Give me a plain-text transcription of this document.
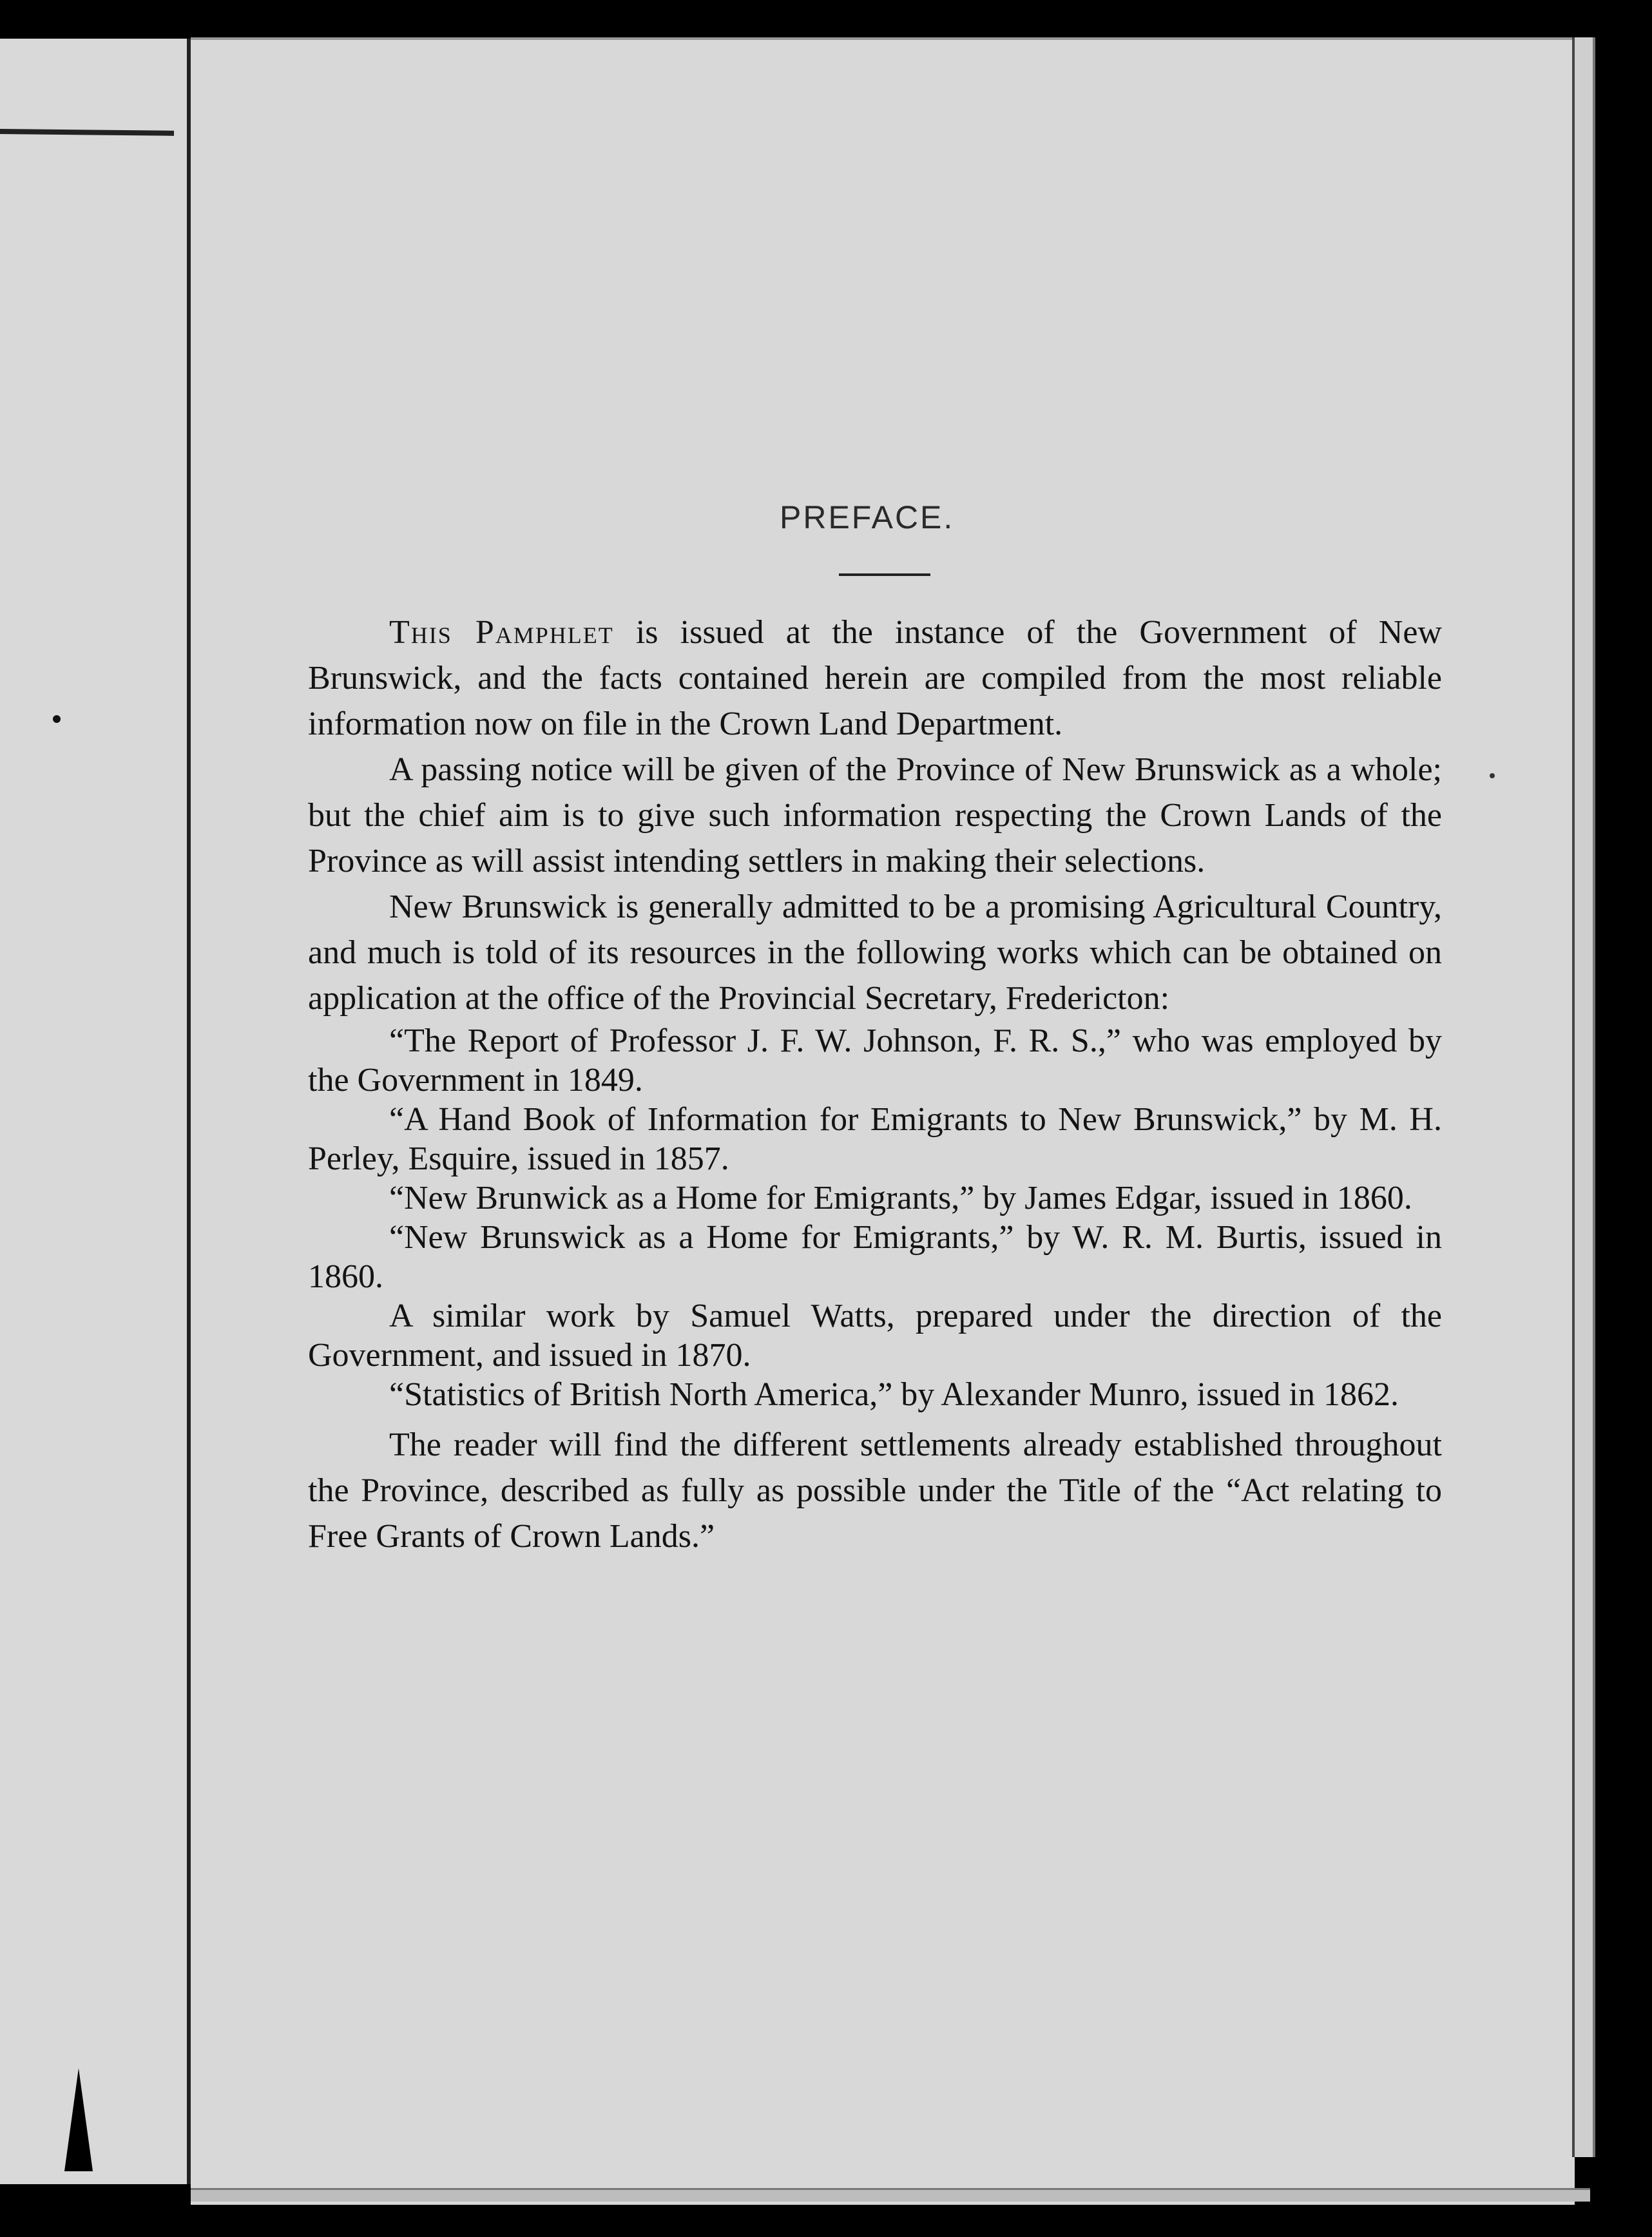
PREFACE.

This Pamphlet is issued at the instance of the Government of New Brunswick, and the facts contained herein are compiled from the most reliable information now on file in the Crown Land Department.

A passing notice will be given of the Province of New Brunswick as a whole; but the chief aim is to give such information respecting the Crown Lands of the Province as will assist intending settlers in making their selections.

New Brunswick is generally admitted to be a promising Agricultural Country, and much is told of its resources in the following works which can be obtained on application at the office of the Provincial Secretary, Fredericton:

“The Report of Professor J. F. W. Johnson, F. R. S.,” who was employed by the Government in 1849.

“A Hand Book of Information for Emigrants to New Brunswick,” by M. H. Perley, Esquire, issued in 1857.

“New Brunwick as a Home for Emigrants,” by James Edgar, issued in 1860.

“New Brunswick as a Home for Emigrants,” by W. R. M. Burtis, issued in 1860.

A similar work by Samuel Watts, prepared under the direction of the Government, and issued in 1870.

“Statistics of British North America,” by Alexander Munro, issued in 1862.

The reader will find the different settlements already established throughout the Province, described as fully as possible under the Title of the “Act relating to Free Grants of Crown Lands.”
